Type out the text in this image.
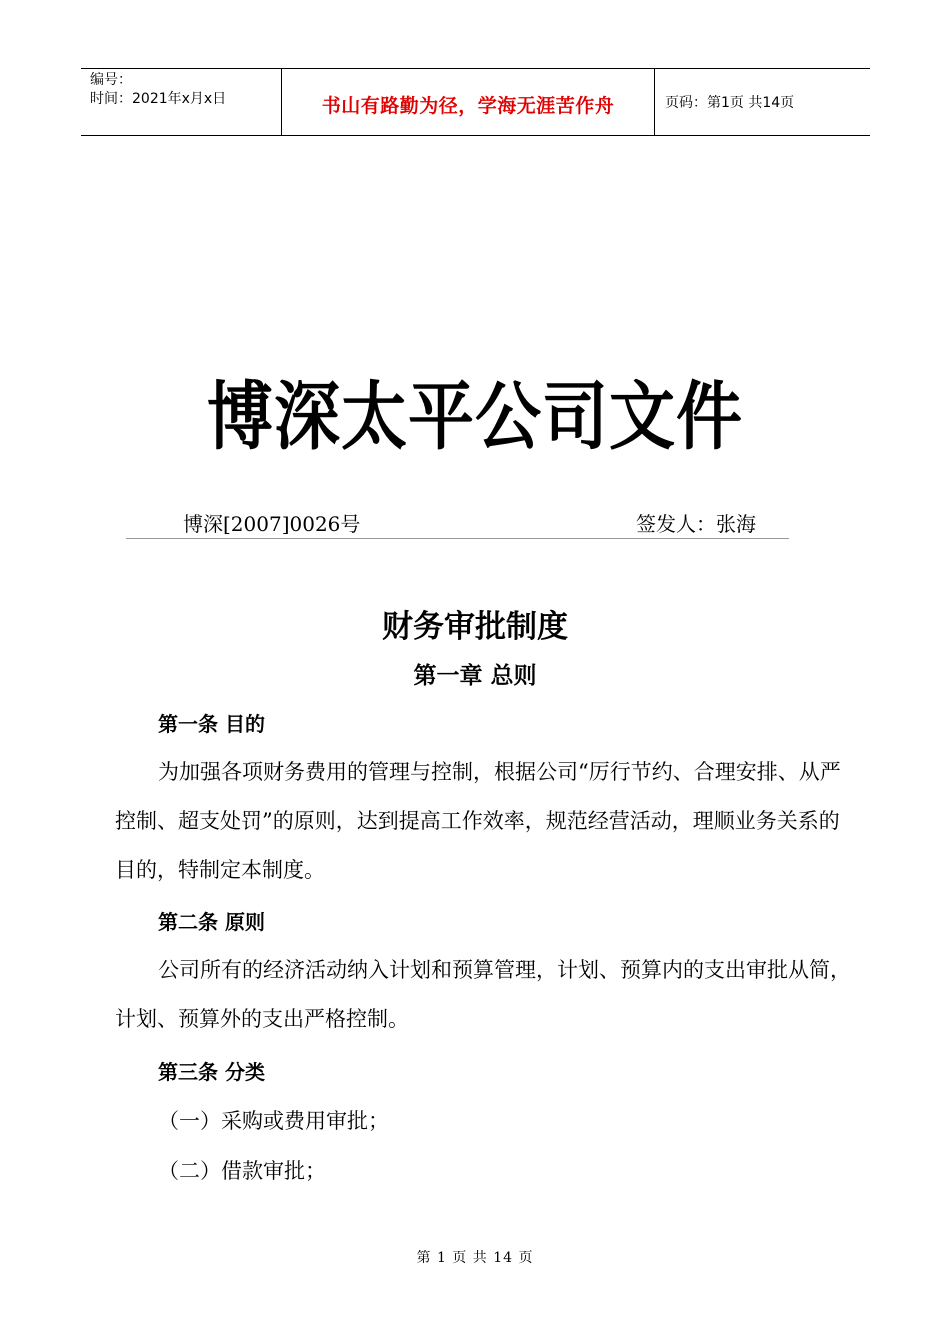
编号：
时间：2021年x月x日	书山有路勤为径，学海无涯苦作舟	页码：第1页 共14页
博深太平公司文件
博深[2007]0026号	签发人：张海
财务审批制度
第一章 总则
第一条 目的
为加强各项财务费用的管理与控制，根据公司“厉行节约、合理安排、从严控制、超支处罚”的原则，达到提高工作效率，规范经营活动，理顺业务关系的目的，特制定本制度。
第二条 原则
公司所有的经济活动纳入计划和预算管理，计划、预算内的支出审批从简，计划、预算外的支出严格控制。
第三条 分类
（一）采购或费用审批；
（二）借款审批；
第 1 页 共 14 页
